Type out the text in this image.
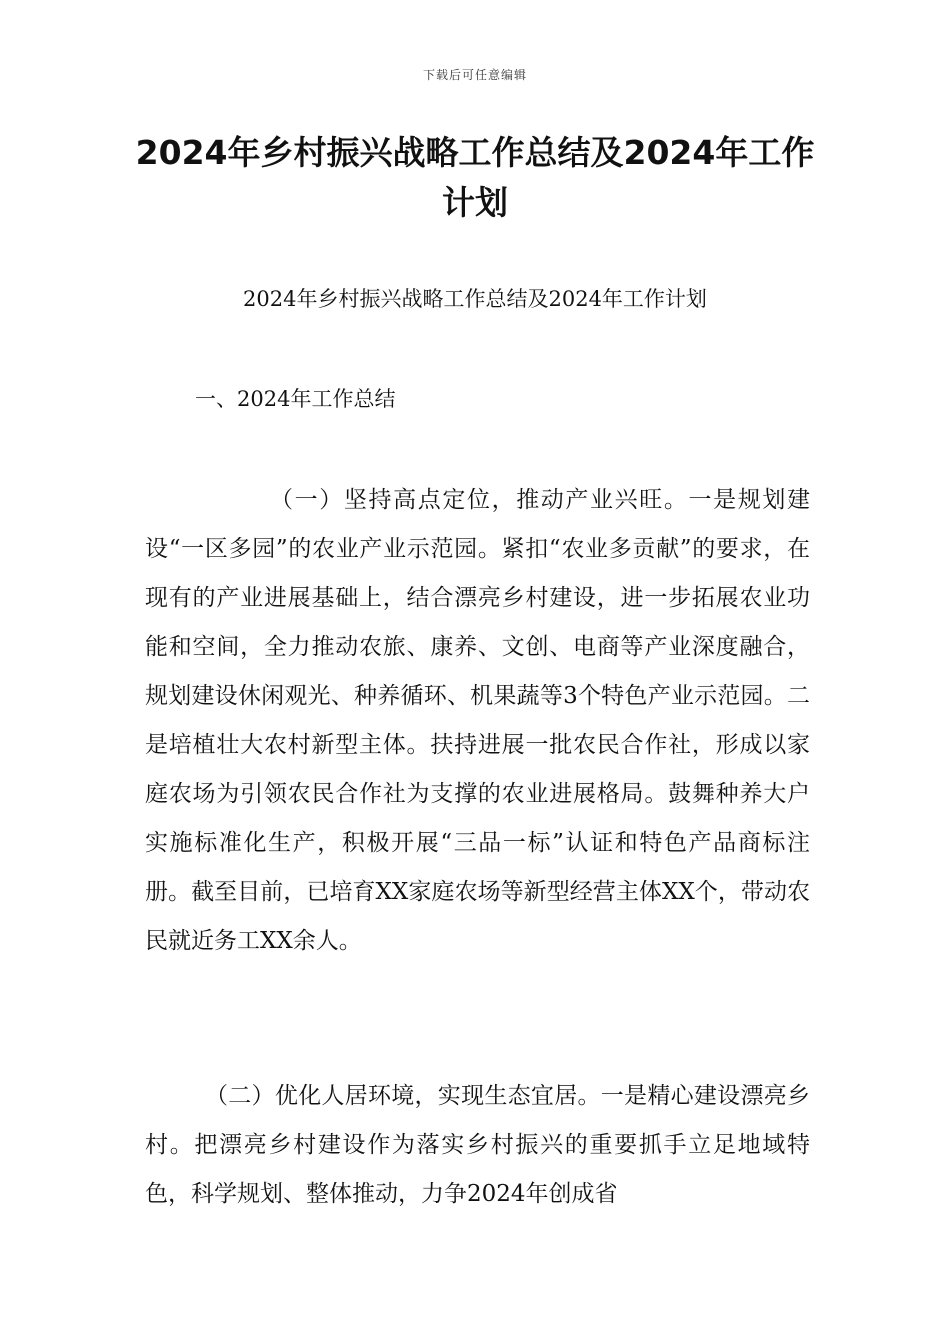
下载后可任意编辑
2024年乡村振兴战略工作总结及2024年工作计划
2024年乡村振兴战略工作总结及2024年工作计划
一、2024年工作总结

（一）坚持高点定位，推动产业兴旺。一是规划建设“一区多园”的农业产业示范园。紧扣“农业多贡献”的要求，在现有的产业进展基础上，结合漂亮乡村建设，进一步拓展农业功能和空间，全力推动农旅、康养、文创、电商等产业深度融合，规划建设休闲观光、种养循环、机果蔬等3个特色产业示范园。二是培植壮大农村新型主体。扶持进展一批农民合作社，形成以家庭农场为引领农民合作社为支撑的农业进展格局。鼓舞种养大户实施标准化生产，积极开展“三品一标”认证和特色产品商标注册。截至目前，已培育XX家庭农场等新型经营主体XX个，带动农民就近务工XX余人。

（二）优化人居环境，实现生态宜居。一是精心建设漂亮乡村。把漂亮乡村建设作为落实乡村振兴的重要抓手立足地域特色，科学规划、整体推动，力争2024年创成省
